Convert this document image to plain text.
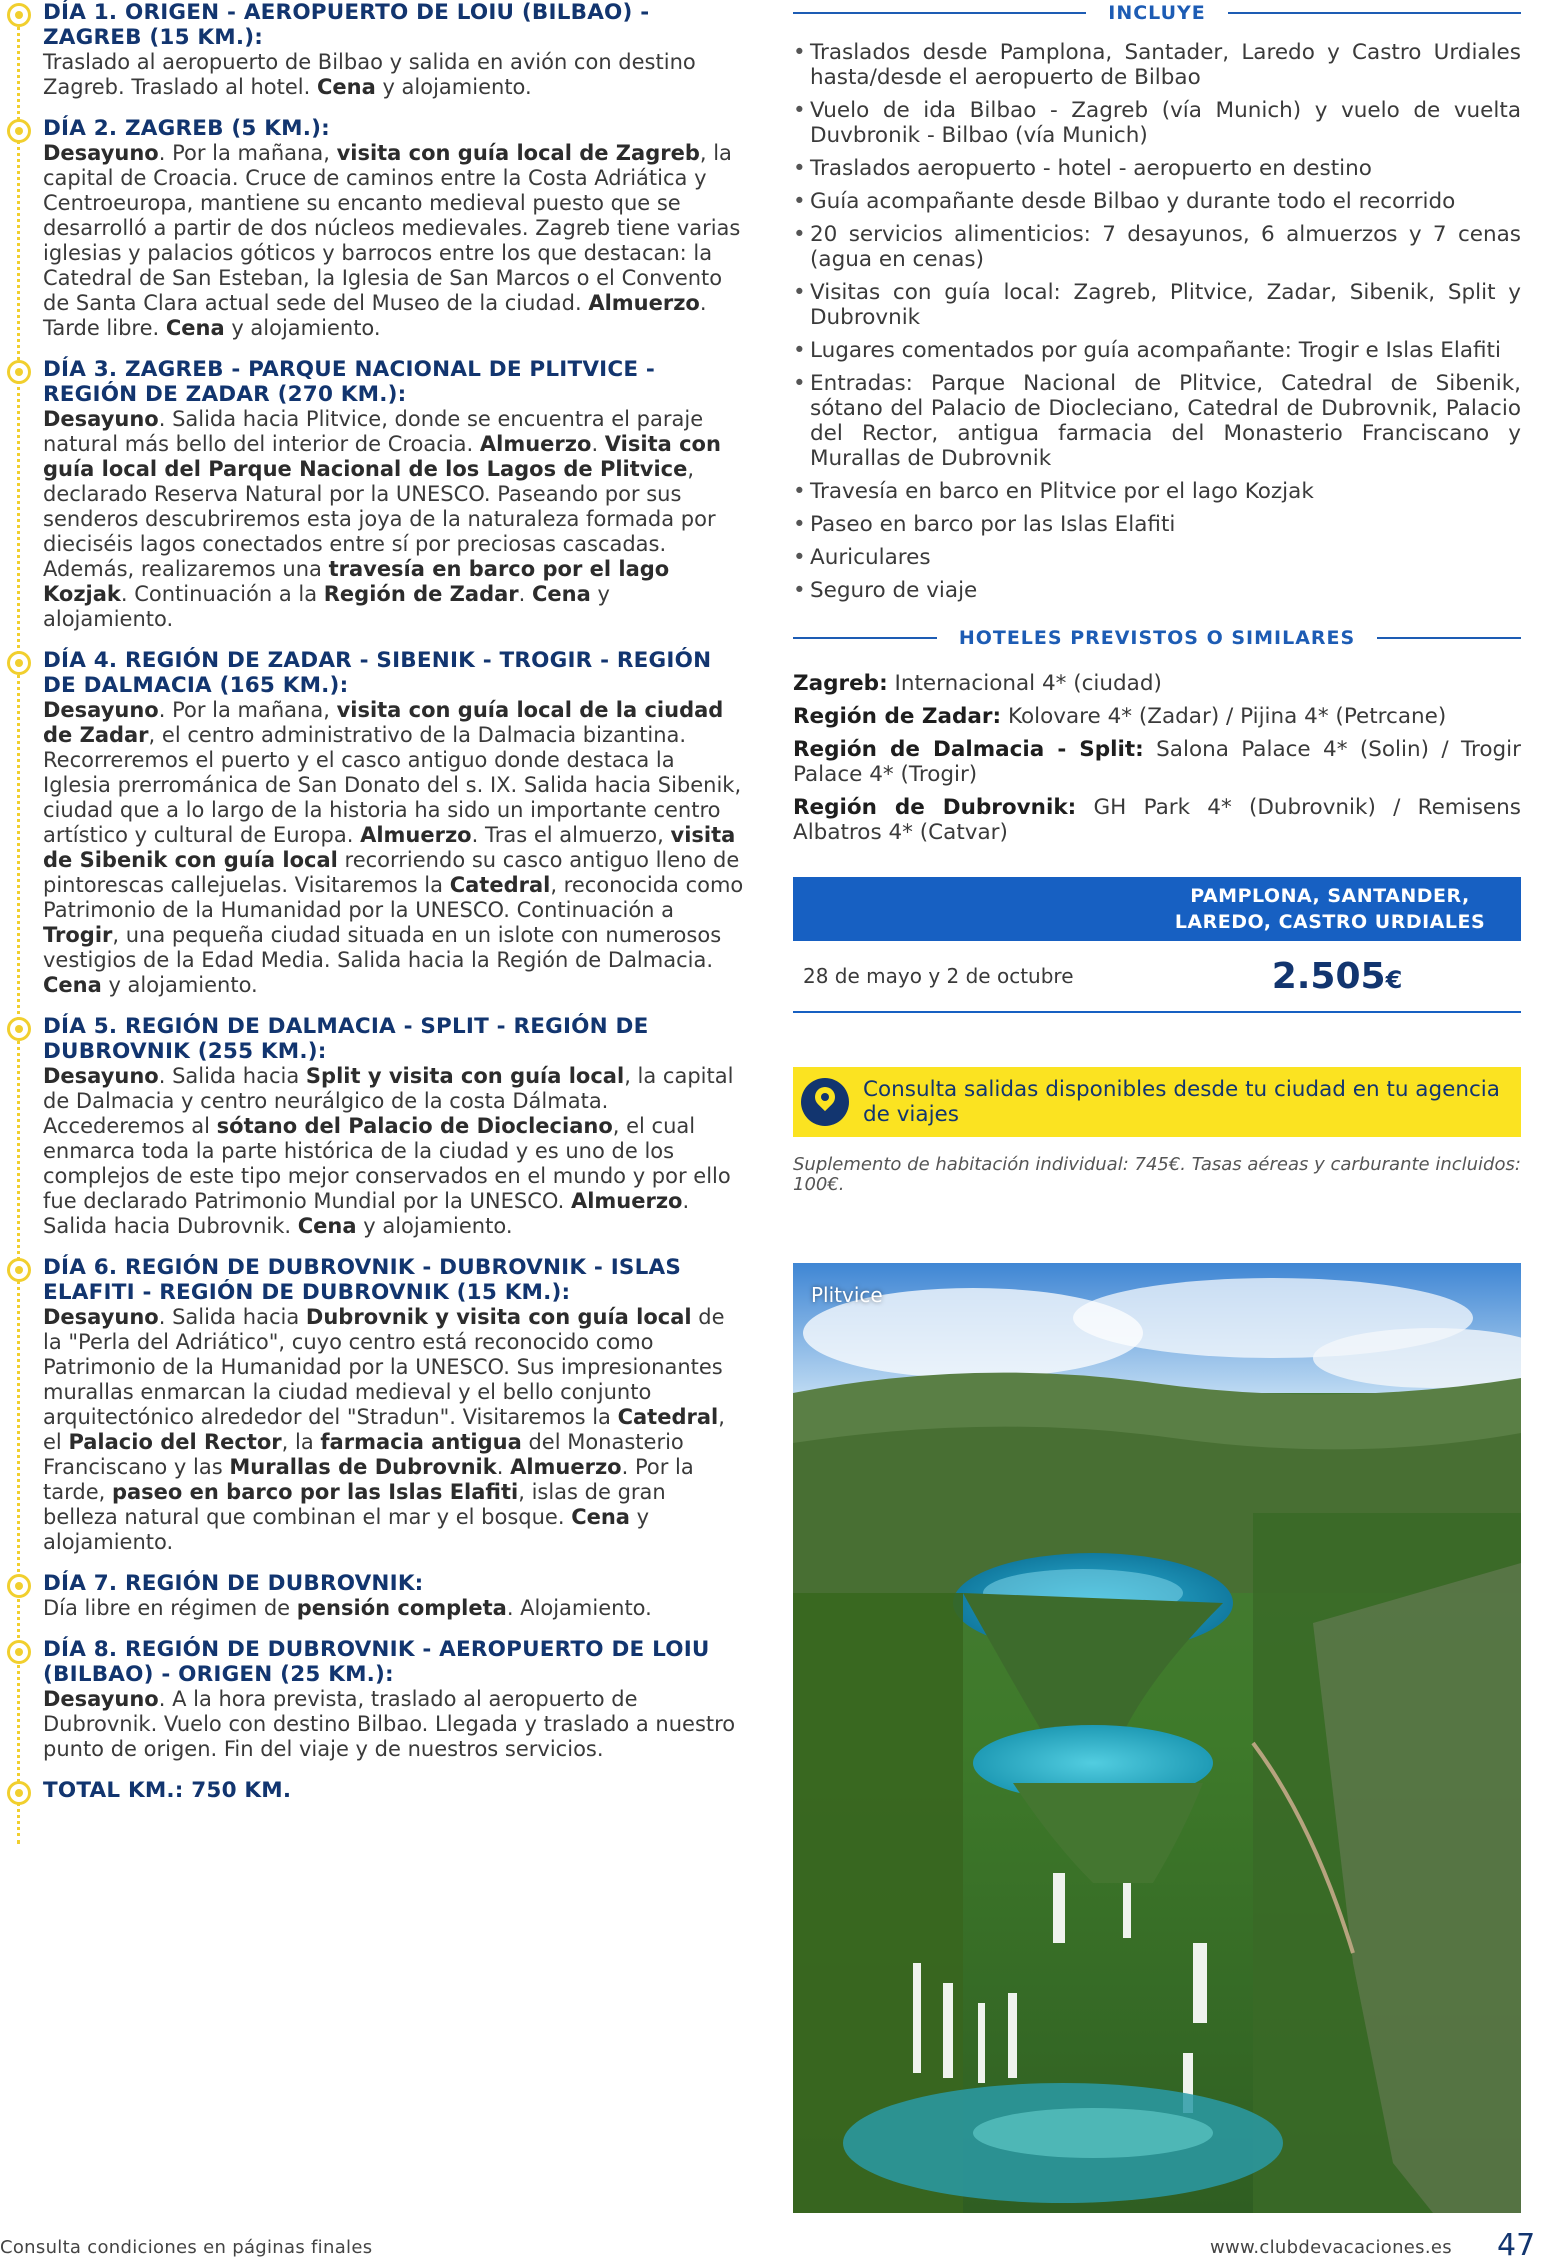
DÍA 1. ORIGEN - AEROPUERTO DE LOIU (BILBAO) - ZAGREB (15 KM.):
Traslado al aeropuerto de Bilbao y salida en avión con destino Zagreb. Traslado al hotel. Cena y alojamiento.
DÍA 2. ZAGREB (5 KM.):
Desayuno. Por la mañana, visita con guía local de Zagreb, la capital de Croacia. Cruce de caminos entre la Costa Adriática y Centroeuropa, mantiene su encanto medieval puesto que se desarrolló a partir de dos núcleos medievales. Zagreb tiene varias iglesias y palacios góticos y barrocos entre los que destacan: la Catedral de San Esteban, la Iglesia de San Marcos o el Convento de Santa Clara actual sede del Museo de la ciudad. Almuerzo. Tarde libre. Cena y alojamiento.
DÍA 3. ZAGREB - PARQUE NACIONAL DE PLITVICE - REGIÓN DE ZADAR (270 KM.):
Desayuno. Salida hacia Plitvice, donde se encuentra el paraje natural más bello del interior de Croacia. Almuerzo. Visita con guía local del Parque Nacional de los Lagos de Plitvice, declarado Reserva Natural por la UNESCO. Paseando por sus senderos descubriremos esta joya de la naturaleza formada por dieciséis lagos conectados entre sí por preciosas cascadas. Además, realizaremos una travesía en barco por el lago Kozjak. Continuación a la Región de Zadar. Cena y alojamiento.
DÍA 4. REGIÓN DE ZADAR - SIBENIK - TROGIR - REGIÓN DE DALMACIA (165 KM.):
Desayuno. Por la mañana, visita con guía local de la ciudad de Zadar, el centro administrativo de la Dalmacia bizantina. Recorreremos el puerto y el casco antiguo donde destaca la Iglesia prerrománica de San Donato del s. IX. Salida hacia Sibenik, ciudad que a lo largo de la historia ha sido un importante centro artístico y cultural de Europa. Almuerzo. Tras el almuerzo, visita de Sibenik con guía local recorriendo su casco antiguo lleno de pintorescas callejuelas. Visitaremos la Catedral, reconocida como Patrimonio de la Humanidad por la UNESCO. Continuación a Trogir, una pequeña ciudad situada en un islote con numerosos vestigios de la Edad Media. Salida hacia la Región de Dalmacia. Cena y alojamiento.
DÍA 5. REGIÓN DE DALMACIA - SPLIT - REGIÓN DE DUBROVNIK (255 KM.):
Desayuno. Salida hacia Split y visita con guía local, la capital de Dalmacia y centro neurálgico de la costa Dálmata. Accederemos al sótano del Palacio de Diocleciano, el cual enmarca toda la parte histórica de la ciudad y es uno de los complejos de este tipo mejor conservados en el mundo y por ello fue declarado Patrimonio Mundial por la UNESCO. Almuerzo. Salida hacia Dubrovnik. Cena y alojamiento.
DÍA 6. REGIÓN DE DUBROVNIK - DUBROVNIK - ISLAS ELAFITI - REGIÓN DE DUBROVNIK (15 KM.):
Desayuno. Salida hacia Dubrovnik y visita con guía local de la "Perla del Adriático", cuyo centro está reconocido como Patrimonio de la Humanidad por la UNESCO. Sus impresionantes murallas enmarcan la ciudad medieval y el bello conjunto arquitectónico alrededor del "Stradun". Visitaremos la Catedral, el Palacio del Rector, la farmacia antigua del Monasterio Franciscano y las Murallas de Dubrovnik. Almuerzo. Por la tarde, paseo en barco por las Islas Elafiti, islas de gran belleza natural que combinan el mar y el bosque. Cena y alojamiento.
DÍA 7. REGIÓN DE DUBROVNIK:
Día libre en régimen de pensión completa. Alojamiento.
DÍA 8. REGIÓN DE DUBROVNIK - AEROPUERTO DE LOIU (BILBAO) - ORIGEN (25 KM.):
Desayuno. A la hora prevista, traslado al aeropuerto de Dubrovnik. Vuelo con destino Bilbao. Llegada y traslado a nuestro punto de origen. Fin del viaje y de nuestros servicios.
TOTAL KM.: 750 KM.
INCLUYE
• Traslados desde Pamplona, Santader, Laredo y Castro Urdiales hasta/desde el aeropuerto de Bilbao
• Vuelo de ida Bilbao - Zagreb (vía Munich) y vuelo de vuelta Duvbronik - Bilbao (vía Munich)
• Traslados aeropuerto - hotel - aeropuerto en destino
• Guía acompañante desde Bilbao y durante todo el recorrido
• 20 servicios alimenticios: 7 desayunos, 6 almuerzos y 7 cenas (agua en cenas)
• Visitas con guía local: Zagreb, Plitvice, Zadar, Sibenik, Split y Dubrovnik
• Lugares comentados por guía acompañante: Trogir e Islas Elafiti
• Entradas: Parque Nacional de Plitvice, Catedral de Sibenik, sótano del Palacio de Diocleciano, Catedral de Dubrovnik, Palacio del Rector, antigua farmacia del Monasterio Franciscano y Murallas de Dubrovnik
• Travesía en barco en Plitvice por el lago Kozjak
• Paseo en barco por las Islas Elafiti
• Auriculares
• Seguro de viaje
HOTELES PREVISTOS O SIMILARES
Zagreb: Internacional 4* (ciudad)
Región de Zadar: Kolovare 4* (Zadar) / Pijina 4* (Petrcane)
Región de Dalmacia - Split: Salona Palace 4* (Solin) / Trogir Palace 4* (Trogir)
Región de Dubrovnik: GH Park 4* (Dubrovnik) / Remisens Albatros 4* (Catvar)
PAMPLONA, SANTANDER,
LAREDO, CASTRO URDIALES
28 de mayo y 2 de octubre	2.505€
Consulta salidas disponibles desde tu ciudad en tu agencia de viajes
Suplemento de habitación individual: 745€. Tasas aéreas y carburante incluidos: 100€.
Plitvice
Consulta condiciones en páginas finales	www.clubdevacaciones.es 47
